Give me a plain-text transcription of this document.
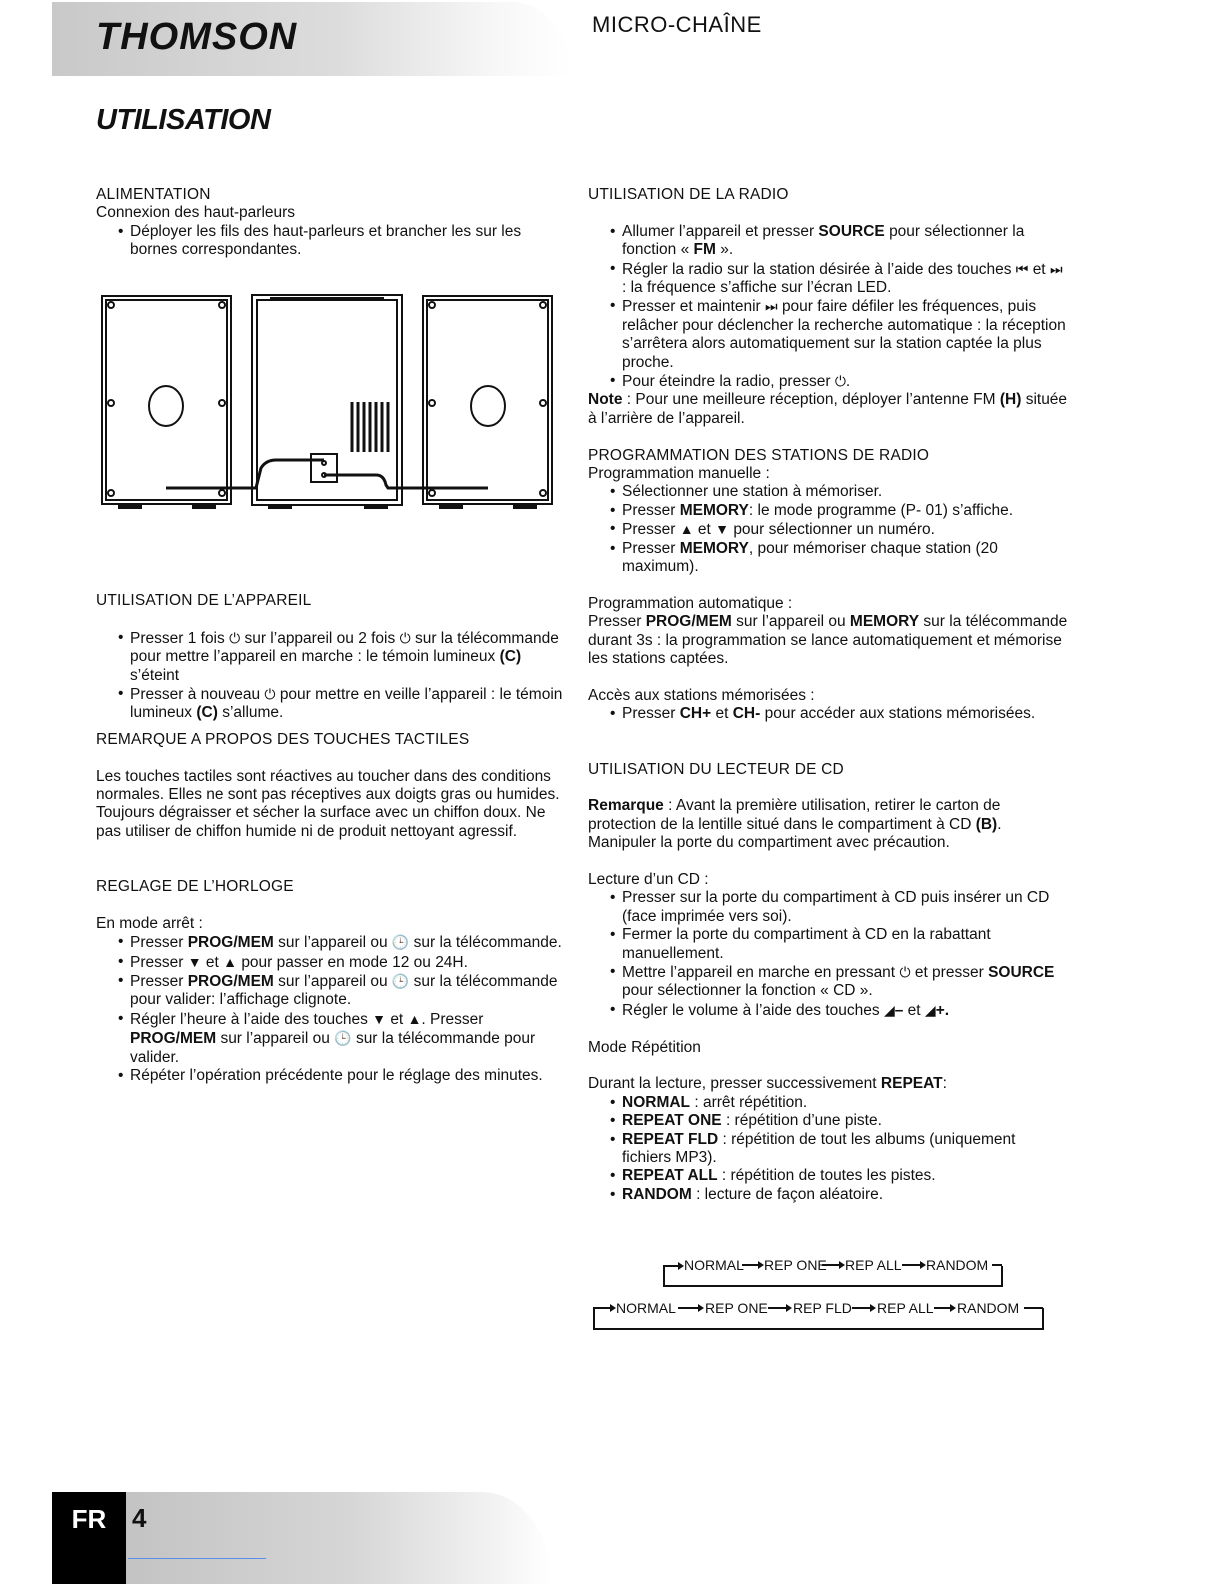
THOMSON	MICRO-CHAÎNE
UTILISATION
ALIMENTATION
Connexion des haut-parleurs
• Déployer les fils des haut-parleurs et brancher les sur les bornes correspondantes.
UTILISATION DE L’APPAREIL
• Presser 1 fois ⏻ sur l’appareil ou 2 fois ⏻ sur la télécommande pour mettre l’appareil en marche : le témoin lumineux (C) s’éteint
• Presser à nouveau ⏻ pour mettre en veille l’appareil : le témoin lumineux (C) s’allume.
REMARQUE A PROPOS DES TOUCHES TACTILES
Les touches tactiles sont réactives au toucher dans des conditions normales. Elles ne sont pas réceptives aux doigts gras ou humides. Toujours dégraisser et sécher la surface avec un chiffon doux. Ne pas utiliser de chiffon humide ni de produit nettoyant agressif.
REGLAGE DE L’HORLOGE
En mode arrêt :
• Presser PROG/MEM sur l’appareil ou 🕒 sur la télécommande.
• Presser ▼ et ▲ pour passer en mode 12 ou 24H.
• Presser PROG/MEM sur l’appareil ou 🕒 sur la télécommande pour valider: l’affichage clignote.
• Régler l’heure à l’aide des touches ▼ et ▲. Presser PROG/MEM sur l’appareil ou 🕒 sur la télécommande pour valider.
• Répéter l’opération précédente pour le réglage des minutes.
UTILISATION DE LA RADIO
• Allumer l’appareil et presser SOURCE pour sélectionner la fonction « FM ».
• Régler la radio sur la station désirée à l’aide des touches ⏮ et ⏭ : la fréquence s’affiche sur l’écran LED.
• Presser et maintenir ⏭ pour faire défiler les fréquences, puis relâcher pour déclencher la recherche automatique : la réception s’arrêtera alors automatiquement sur la station captée la plus proche.
• Pour éteindre la radio, presser ⏻.
Note : Pour une meilleure réception, déployer l’antenne FM (H) située à l’arrière de l’appareil.
PROGRAMMATION DES STATIONS DE RADIO
Programmation manuelle :
• Sélectionner une station à mémoriser.
• Presser MEMORY: le mode programme (P- 01) s’affiche.
• Presser ▲ et ▼ pour sélectionner un numéro.
• Presser MEMORY, pour mémoriser chaque station (20 maximum).
Programmation automatique :
Presser PROG/MEM sur l’appareil ou MEMORY sur la télécommande durant 3s : la programmation se lance automatiquement et mémorise les stations captées.
Accès aux stations mémorisées :
• Presser CH+ et CH- pour accéder aux stations mémorisées.
UTILISATION DU LECTEUR DE CD
Remarque : Avant la première utilisation, retirer le carton de protection de la lentille situé dans le compartiment à CD (B). Manipuler la porte du compartiment avec précaution.
Lecture d’un CD :
• Presser sur la porte du compartiment à CD puis insérer un CD (face imprimée vers soi).
• Fermer la porte du compartiment à CD en la rabattant manuellement.
• Mettre l’appareil en marche en pressant ⏻ et presser SOURCE pour sélectionner la fonction « CD ».
• Régler le volume à l’aide des touches ◢– et ◢+.
Mode Répétition
Durant la lecture, presser successivement REPEAT:
• NORMAL : arrêt répétition.
• REPEAT ONE : répétition d’une piste.
• REPEAT FLD : répétition de tout les albums (uniquement fichiers MP3).
• REPEAT ALL : répétition de toutes les pistes.
• RANDOM : lecture de façon aléatoire.
NORMAL REP ONE REP ALL RANDOM
NORMAL REP ONE REP FLD REP ALL RANDOM
FR 4
